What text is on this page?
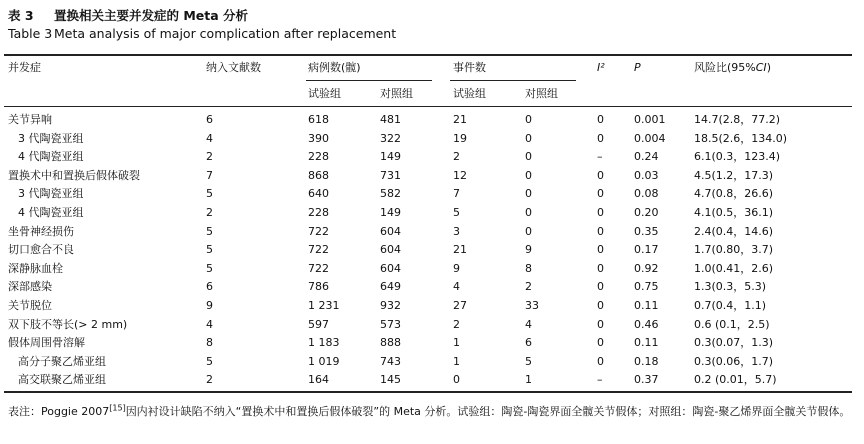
表 3 置换相关主要并发症的 Meta 分析
Table 3 Meta analysis of major complication after replacement
并发症	纳入文献数	病例数(髋)	事件数	I²	P	风险比(95%CI)
试验组	对照组	试验组	对照组
关节异响	6	618	481	21	0	0	0.001	14.7(2.8，77.2)
3 代陶瓷亚组	4	390	322	19	0	0	0.004	18.5(2.6，134.0)
4 代陶瓷亚组	2	228	149	2	0	–	0.24	6.1(0.3，123.4)
置换术中和置换后假体破裂	7	868	731	12	0	0	0.03	4.5(1.2，17.3)
3 代陶瓷亚组	5	640	582	7	0	0	0.08	4.7(0.8，26.6)
4 代陶瓷亚组	2	228	149	5	0	0	0.20	4.1(0.5，36.1)
坐骨神经损伤	5	722	604	3	0	0	0.35	2.4(0.4，14.6)
切口愈合不良	5	722	604	21	9	0	0.17	1.7(0.80，3.7)
深静脉血栓	5	722	604	9	8	0	0.92	1.0(0.41，2.6)
深部感染	6	786	649	4	2	0	0.75	1.3(0.3，5.3)
关节脱位	9	1 231	932	27	33	0	0.11	0.7(0.4，1.1)
双下肢不等长(> 2 mm)	4	597	573	2	4	0	0.46	0.6 (0.1，2.5)
假体周围骨溶解	8	1 183	888	1	6	0	0.11	0.3(0.07，1.3)
高分子聚乙烯亚组	5	1 019	743	1	5	0	0.18	0.3(0.06，1.7)
高交联聚乙烯亚组	2	164	145	0	1	–	0.37	0.2 (0.01，5.7)
表注：Poggie 2007[15]因内衬设计缺陷不纳入“置换术中和置换后假体破裂”的 Meta 分析。试验组：陶瓷-陶瓷界面全髋关节假体；对照组：陶瓷-聚乙烯界面全髋关节假体。
